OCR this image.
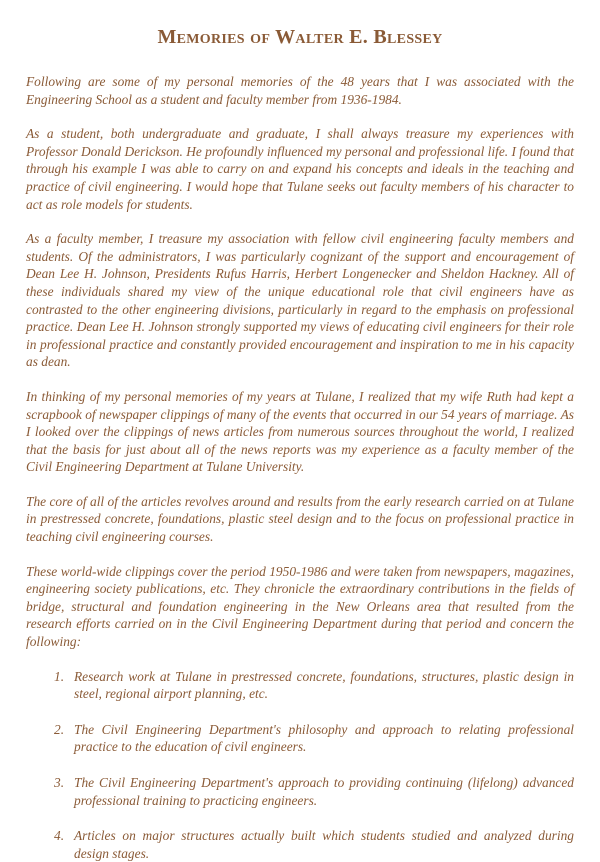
Memories of Walter E. Blessey

Following are some of my personal memories of the 48 years that I was associated with the Engineering School as a student and faculty member from 1936-1984.

As a student, both undergraduate and graduate, I shall always treasure my experiences with Professor Donald Derickson. He profoundly influenced my personal and professional life. I found that through his example I was able to carry on and expand his concepts and ideals in the teaching and practice of civil engineering. I would hope that Tulane seeks out faculty members of his character to act as role models for students.

As a faculty member, I treasure my association with fellow civil engineering faculty members and students. Of the administrators, I was particularly cognizant of the support and encouragement of Dean Lee H. Johnson, Presidents Rufus Harris, Herbert Longenecker and Sheldon Hackney. All of these individuals shared my view of the unique educational role that civil engineers have as contrasted to the other engineering divisions, particularly in regard to the emphasis on professional practice. Dean Lee H. Johnson strongly supported my views of educating civil engineers for their role in professional practice and constantly provided encouragement and inspiration to me in his capacity as dean.

In thinking of my personal memories of my years at Tulane, I realized that my wife Ruth had kept a scrapbook of newspaper clippings of many of the events that occurred in our 54 years of marriage. As I looked over the clippings of news articles from numerous sources throughout the world, I realized that the basis for just about all of the news reports was my experience as a faculty member of the Civil Engineering Department at Tulane University.

The core of all of the articles revolves around and results from the early research carried on at Tulane in prestressed concrete, foundations, plastic steel design and to the focus on professional practice in teaching civil engineering courses.

These world-wide clippings cover the period 1950-1986 and were taken from newspapers, magazines, engineering society publications, etc. They chronicle the extraordinary contributions in the fields of bridge, structural and foundation engineering in the New Orleans area that resulted from the research efforts carried on in the Civil Engineering Department during that period and concern the following:

1. Research work at Tulane in prestressed concrete, foundations, structures, plastic design in steel, regional airport planning, etc.
2. The Civil Engineering Department's philosophy and approach to relating professional practice to the education of civil engineers.
3. The Civil Engineering Department's approach to providing continuing (lifelong) advanced professional training to practicing engineers.
4. Articles on major structures actually built which students studied and analyzed during design stages.
